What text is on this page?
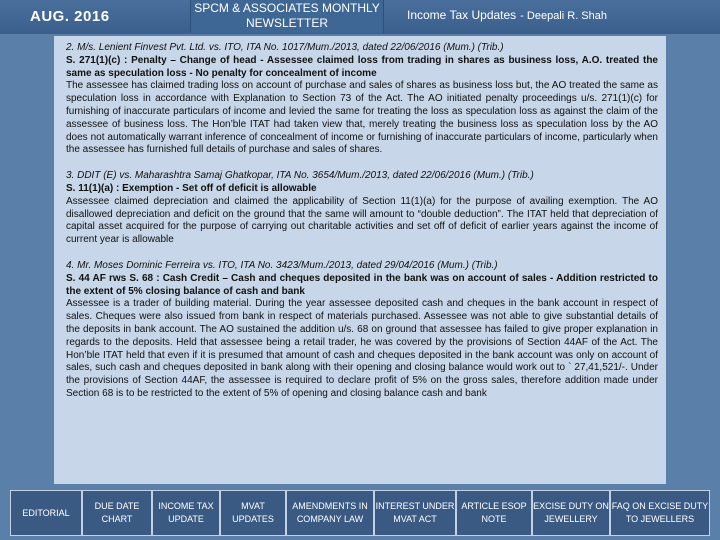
AUG. 2016	SPCM & ASSOCIATES MONTHLY NEWSLETTER
Income Tax Updates - Deepali R. Shah

2. M/s. Lenient Finvest Pvt. Ltd. vs. ITO, ITA No. 1017/Mum./2013, dated 22/06/2016 (Mum.) (Trib.)

S. 271(1)(c) : Penalty – Change of head - Assessee claimed loss from trading in shares as business loss, A.O. treated the same as speculation loss - No penalty for concealment of income

The assessee has claimed trading loss on account of purchase and sales of shares as business loss but, the AO treated the same as speculation loss in accordance with Explanation to Section 73 of the Act. The AO initiated penalty proceedings u/s. 271(1)(c) for furnishing of inaccurate particulars of income and levied the same for treating the loss as speculation loss as against the claim of the assessee of business loss. The Hon’ble ITAT had taken view that, merely treating the business loss as speculation loss by the AO does not automatically warrant inference of concealment of income or furnishing of inaccurate particulars of income, particularly when the assessee has furnished full details of purchase and sales of shares.

3. DDIT (E) vs. Maharashtra Samaj Ghatkopar, ITA No. 3654/Mum./2013, dated 22/06/2016 (Mum.) (Trib.)

S. 11(1)(a) : Exemption - Set off of deficit is allowable

Assessee claimed depreciation and claimed the applicability of Section 11(1)(a) for the purpose of availing exemption. The AO disallowed depreciation and deficit on the ground that the same will amount to “double deduction”. The ITAT held that depreciation of capital asset acquired for the purpose of carrying out charitable activities and set off of deficit of earlier years against the income of current year is allowable

4. Mr. Moses Dominic Ferreira vs. ITO, ITA No. 3423/Mum./2013, dated 29/04/2016 (Mum.) (Trib.)

S. 44 AF rws S. 68 : Cash Credit – Cash and cheques deposited in the bank was on account of sales - Addition restricted to the extent of 5% closing balance of cash and bank

Assessee is a trader of building material. During the year assessee deposited cash and cheques in the bank account in respect of sales. Cheques were also issued from bank in respect of materials purchased. Assessee was not able to give substantial details of the deposits in bank account. The AO sustained the addition u/s. 68 on ground that assessee has failed to give proper explanation in regards to the deposits. Held that assessee being a retail trader, he was covered by the provisions of Section 44AF of the Act. The Hon’ble ITAT held that even if it is presumed that amount of cash and cheques deposited in the bank account was only on account of sales, such cash and cheques deposited in bank along with their opening and closing balance would work out to ` 27,41,521/-. Under the provisions of Section 44AF, the assessee is required to declare profit of 5% on the gross sales, therefore addition made under Section 68 is to be restricted to the extent of 5% of opening and closing balance cash and bank

EDITORIAL
DUE DATE CHART
INCOME TAX UPDATE
MVAT UPDATES
AMENDMENTS IN COMPANY LAW
INTEREST UNDER MVAT ACT
ARTICLE ESOP NOTE
EXCISE DUTY ON JEWELLERY
FAQ ON EXCISE DUTY TO JEWELLERS
